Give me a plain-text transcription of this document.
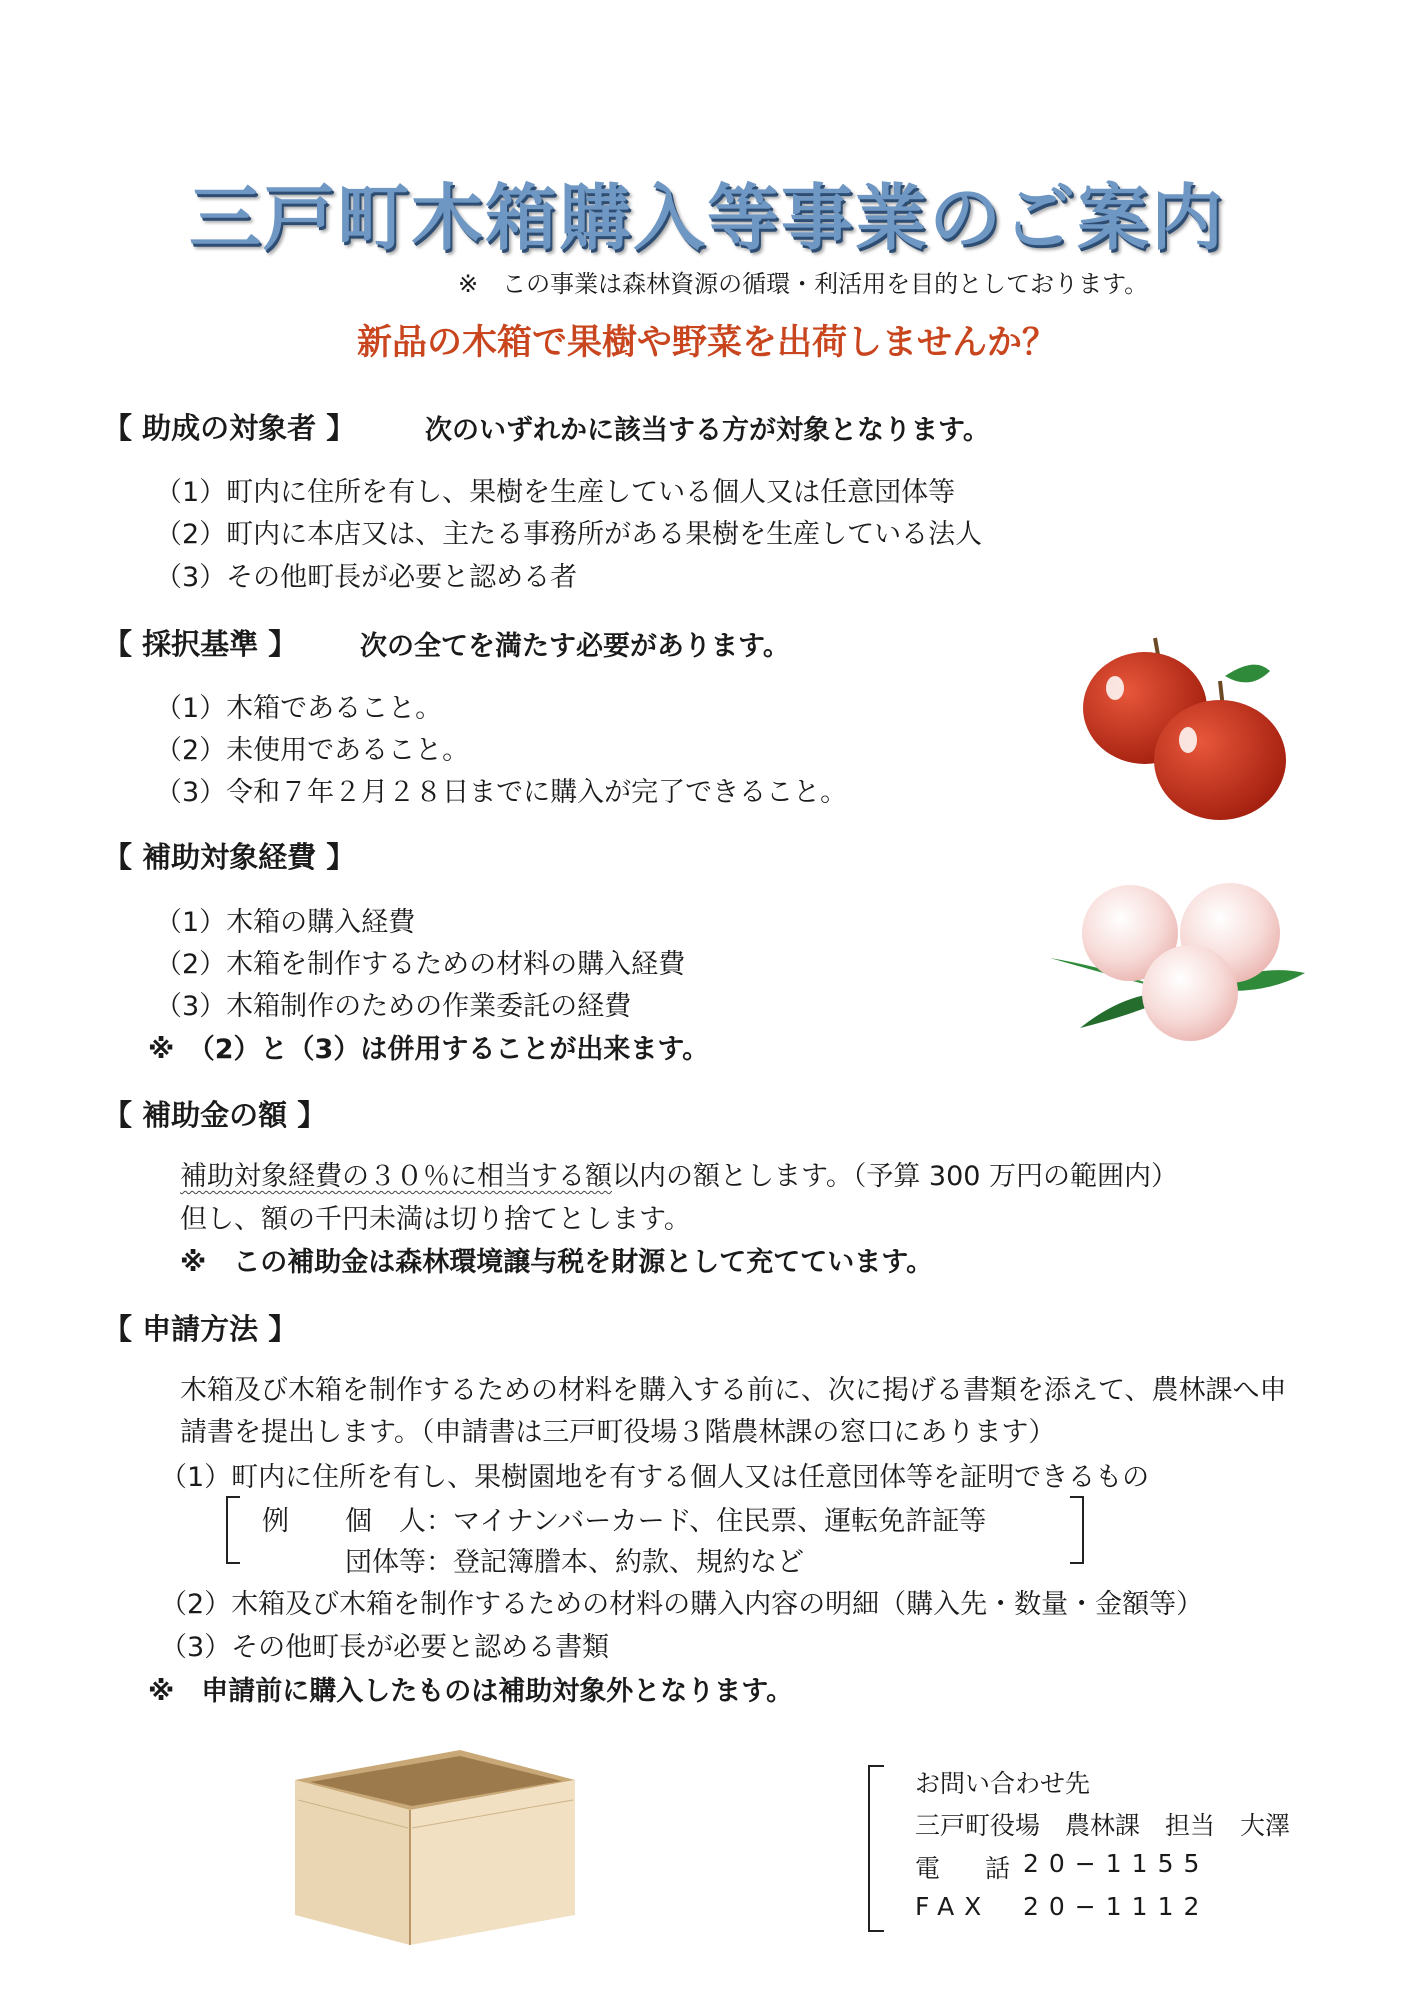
三戸町木箱購入等事業のご案内
※　この事業は森林資源の循環・利活用を目的としております。
新品の木箱で果樹や野菜を出荷しませんか？
【 助成の対象者 】	次のいずれかに該当する方が対象となります。
（1）町内に住所を有し、果樹を生産している個人又は任意団体等
（2）町内に本店又は、主たる事務所がある果樹を生産している法人
（3）その他町長が必要と認める者
【 採択基準 】 次の全てを満たす必要があります。
（1）木箱であること。
（2）未使用であること。
（3）令和７年２月２８日までに購入が完了できること。
【 補助対象経費 】
（1）木箱の購入経費
（2）木箱を制作するための材料の購入経費
（3）木箱制作のための作業委託の経費
※　（2）と（3）は併用することが出来ます。
【 補助金の額 】
補助対象経費の３０％に相当する額以内の額とします。（予算 300 万円の範囲内）
但し、額の千円未満は切り捨てとします。
※　この補助金は森林環境譲与税を財源として充てています。
【 申請方法 】
木箱及び木箱を制作するための材料を購入する前に、次に掲げる書類を添えて、農林課へ申
請書を提出します。（申請書は三戸町役場３階農林課の窓口にあります）
（1）町内に住所を有し、果樹園地を有する個人又は任意団体等を証明できるもの
例 個　人：マイナンバーカード、住民票、運転免許証等
団体等：登記簿謄本、約款、規約など
（2）木箱及び木箱を制作するための材料の購入内容の明細（購入先・数量・金額等）
（3）その他町長が必要と認める書類
※　申請前に購入したものは補助対象外となります。
お問い合わせ先
三戸町役場　農林課　担当　大澤
電　話 20−1155
FAX 20−1112
